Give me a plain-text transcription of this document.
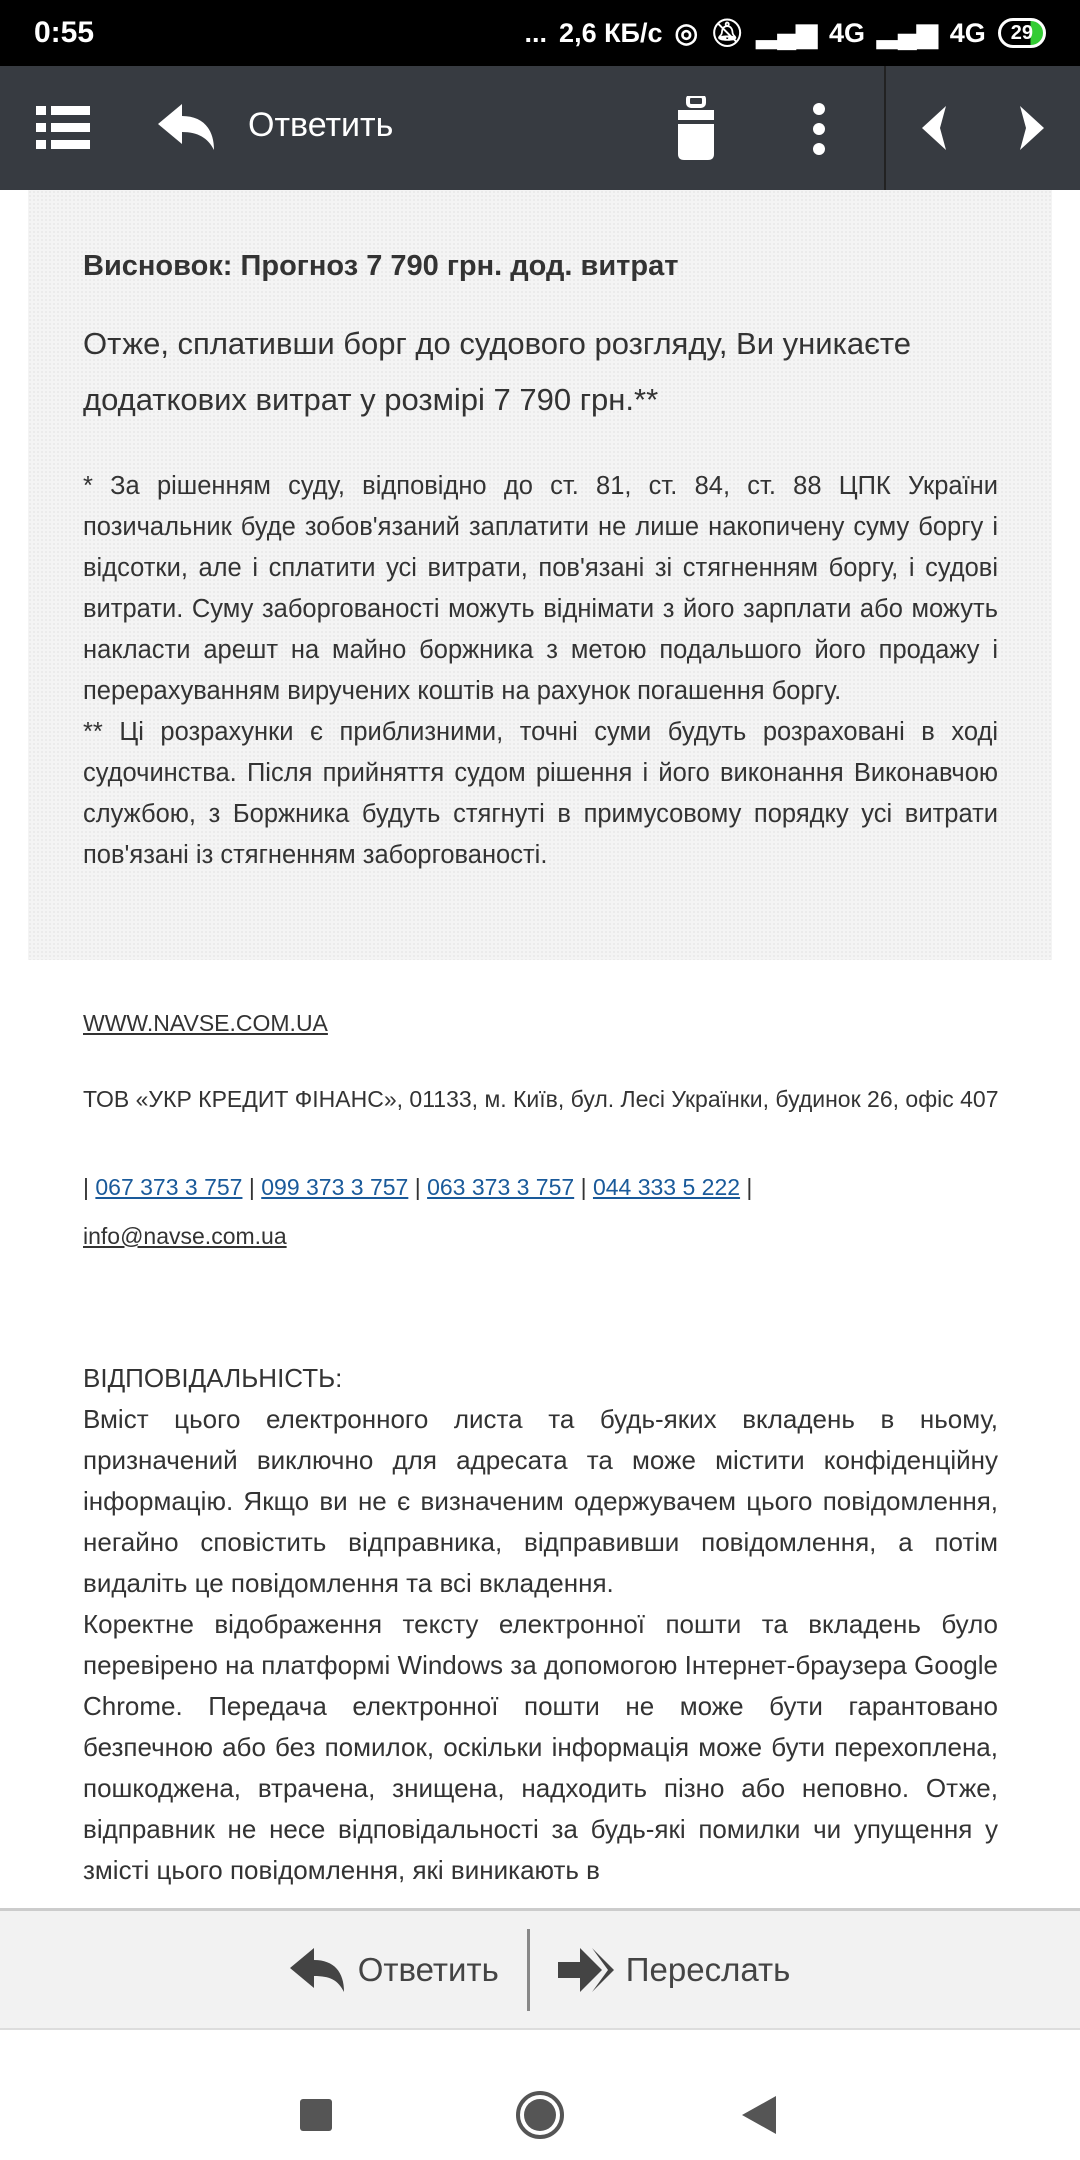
0:55	... 2,6 КБ/с ◎ 🔕︎ ▂▄▆ 4G ▂▄▆ 4G	29
Ответить
Висновок: Прогноз 7 790 грн. дод. витрат

Отже, сплативши борг до судового розгляду, Ви уникаєте додаткових витрат у розмірі 7 790 грн.**

* За рішенням суду, відповідно до ст. 81, ст. 84, ст. 88 ЦПК України позичальник буде зобов'язаний заплатити не лише накопичену суму боргу і відсотки, але і сплатити усі витрати, пов'язані зі стягненням боргу, і судові витрати. Суму заборгованості можуть віднімати з його зарплати або можуть накласти арешт на майно боржника з метою подальшого його продажу і перерахуванням виручених коштів на рахунок погашення боргу.

** Ці розрахунки є приблизними, точні суми будуть розраховані в ході судочинства. Після прийняття судом рішення і його виконання Виконавчою службою, з Боржника будуть стягнуті в примусовому порядку усі витрати пов'язані із стягненням заборгованості.

WWW.NAVSE.COM.UA

ТОВ «УКР КРЕДИТ ФІНАНС», 01133, м. Київ, бул. Лесі Українки, будинок 26, офіс 407

| 067 373 3 757 | 099 373 3 757 | 063 373 3 757 | 044 333 5 222 |

info@navse.com.ua

ВІДПОВІДАЛЬНІСТЬ:

Вміст цього електронного листа та будь-яких вкладень в ньому, призначений виключно для адресата та може містити конфіденційну інформацію. Якщо ви не є визначеним одержувачем цього повідомлення, негайно сповістить відправника, відправивши повідомлення, а потім видаліть це повідомлення та всі вкладення.

Коректне відображення тексту електронної пошти та вкладень було перевірено на платформі Windows за допомогою Інтернет-браузера Google Chrome. Передача електронної пошти не може бути гарантовано безпечною або без помилок, оскільки інформація може бути перехоплена, пошкоджена, втрачена, знищена, надходить пізно або неповно. Отже, відправник не несе відповідальності за будь-які помилки чи упущення у змісті цього повідомлення, які виникають в

Ответить	Переслать
